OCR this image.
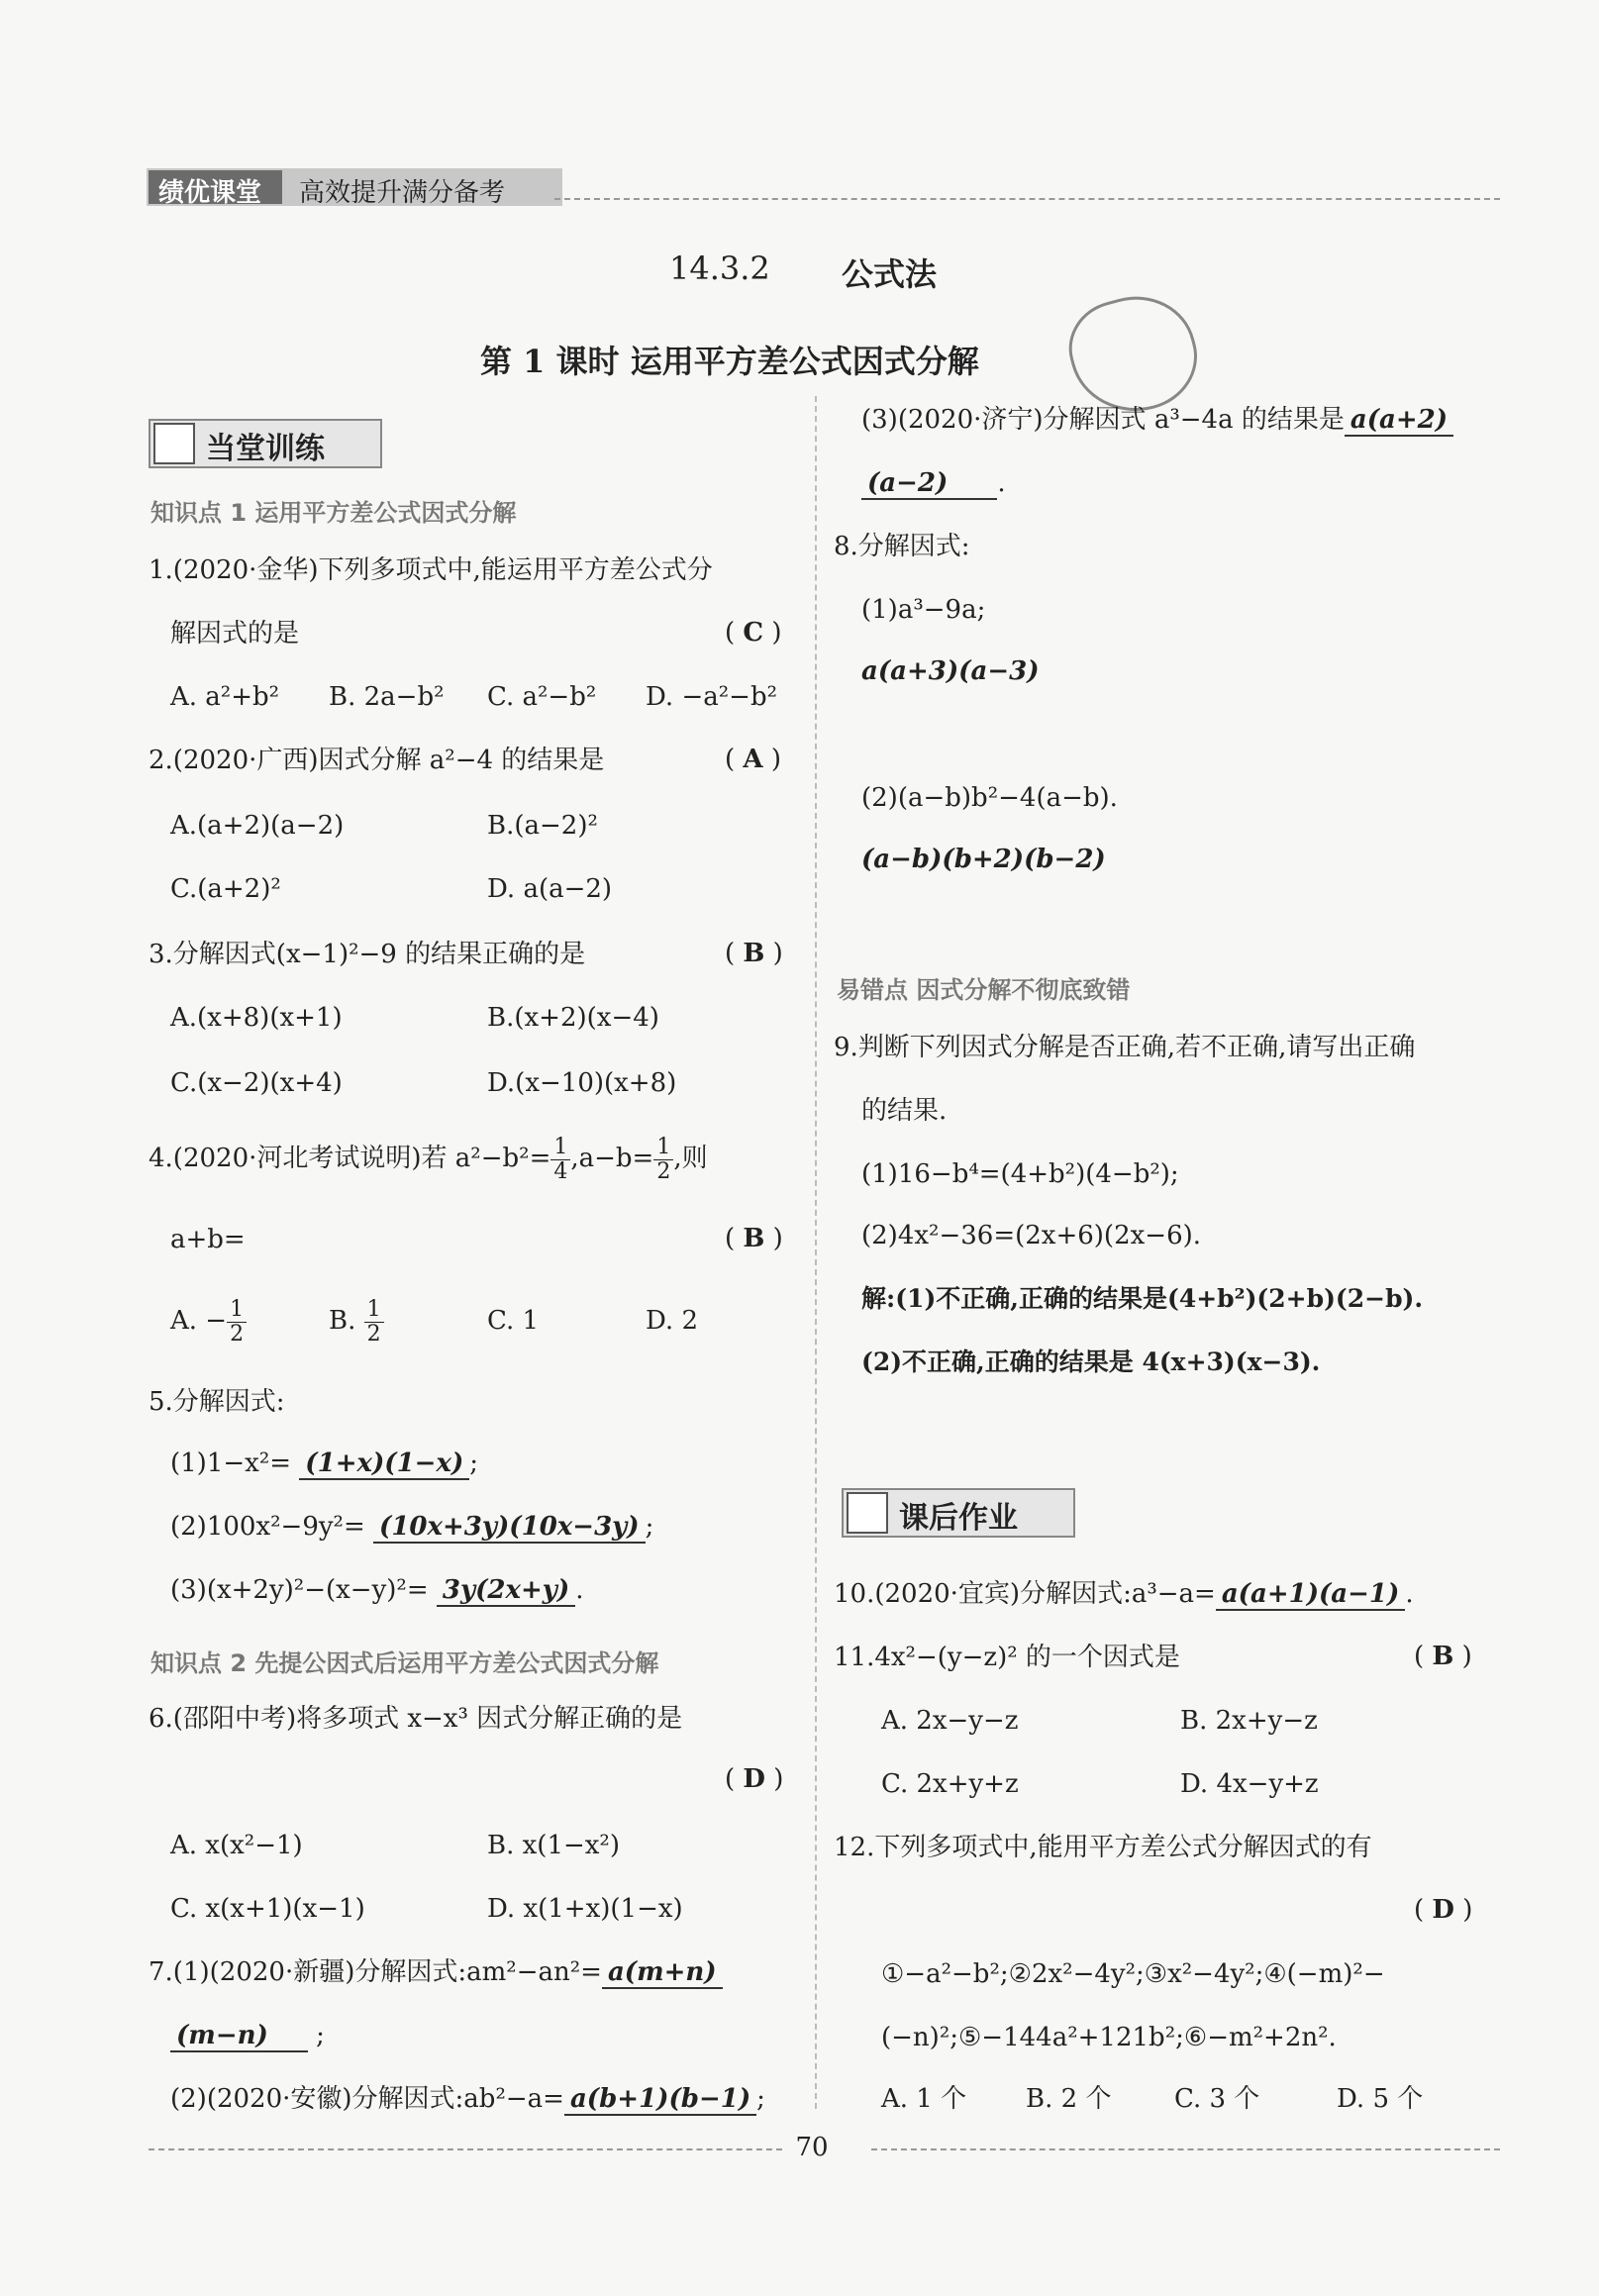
绩优课堂 高效提升满分备考
14.3.2 公式法
第 1 课时 运用平方差公式因式分解
当堂训练
知识点 1 运用平方差公式因式分解
1.(2020·金华)下列多项式中,能运用平方差公式分
解因式的是	( C )
A. a²+b² B. 2a−b² C. a²−b² D. −a²−b²
2.(2020·广西)因式分解 a²−4 的结果是	( A )
A.(a+2)(a−2)	B.(a−2)²
C.(a+2)²	D. a(a−2)
3.分解因式(x−1)²−9 的结果正确的是	( B )
A.(x+8)(x+1)	B.(x+2)(x−4)
C.(x−2)(x+4)	D.(x−10)(x+8)
4.(2020·河北考试说明)若 $a^2-b^2= \frac{1}{4} ,a-b= \frac{1}{2}$ ,则
a+b=	( B )
A. − $\frac{1}{2}$	B. $\frac{1}{2}$	C. 1	D. 2
5.分解因式:
(1)1−x²= (1+x)(1−x) ;
(2)100x²−9y²= (10x+3y)(10x−3y) ;
(3)(x+2y)²−(x−y)²= 3y(2x+y) .
知识点 2 先提公因式后运用平方差公式因式分解
6.(邵阳中考)将多项式 x−x³ 因式分解正确的是
( D )
A. x(x²−1)	B. x(1−x²)
C. x(x+1)(x−1)	D. x(1+x)(1−x)
7.(1)(2020·新疆)分解因式:am²−an²= a(m+n)
(m−n) ;
(2)(2020·安徽)分解因式:ab²−a= a(b+1)(b−1) ;
(3)(2020·济宁)分解因式 a³−4a 的结果是 a(a+2)
(a−2) .
8.分解因式:
(1)a³−9a;
a(a+3)(a−3)
(2)(a−b)b²−4(a−b).
(a−b)(b+2)(b−2)
易错点 因式分解不彻底致错
9.判断下列因式分解是否正确,若不正确,请写出正确
的结果.
(1)16−b⁴=(4+b²)(4−b²);
(2)4x²−36=(2x+6)(2x−6).
解:(1)不正确,正确的结果是(4+b²)(2+b)(2−b).
(2)不正确,正确的结果是 4(x+3)(x−3).
课后作业
10.(2020·宜宾)分解因式:a³−a= a(a+1)(a−1) .
11.4x²−(y−z)² 的一个因式是	( B )
A. 2x−y−z	B. 2x+y−z
C. 2x+y+z	D. 4x−y+z
12.下列多项式中,能用平方差公式分解因式的有
( D )
①−a²−b²;②2x²−4y²;③x²−4y²;④(−m)²−
(−n)²;⑤−144a²+121b²;⑥−m²+2n².
A. 1 个 B. 2 个 C. 3 个	D. 5 个
70
